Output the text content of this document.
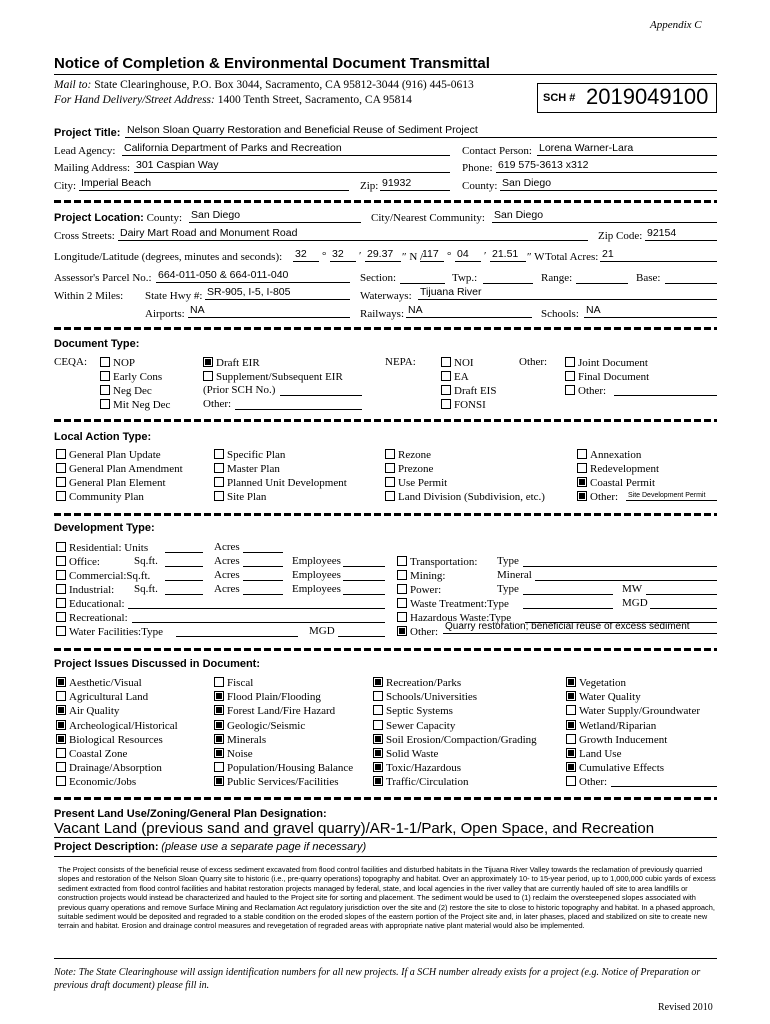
Appendix C
Notice of Completion & Environmental Document Transmittal
Mail to: State Clearinghouse, P.O. Box 3044, Sacramento, CA 95812-3044 (916) 445-0613
For Hand Delivery/Street Address: 1400 Tenth Street, Sacramento, CA 95814	SCH # 2019049100
Project Title: Nelson Sloan Quarry Restoration and Beneficial Reuse of Sediment Project
Lead Agency: California Department of Parks and Recreation	Contact Person: Lorena Warner-Lara
Mailing Address: 301 Caspian Way	Phone: 619 575-3613 x312
City: Imperial Beach	Zip: 91932	County: San Diego
Project Location: County: San Diego	City/Nearest Community: San Diego
Cross Streets: Dairy Mart Road and Monument Road	Zip Code: 92154
Longitude/Latitude (degrees, minutes and seconds): 32	° 32	′ 29.37 ″ N /
117 ° 04	′ 21.51 ″ W Total Acres: 21
Assessor's Parcel No.: 664-011-050 & 664-011-040	Section:	Twp.:	Range:	Base:
Within 2 Miles: State Hwy #: SR-905, I-5, I-805	Waterways: Tijuana River
Airports: NA	Railways: NA	Schools: NA
Document Type:
CEQA:	NOP
Early Cons
Neg Dec
Mit Neg Dec
Draft EIR
Supplement/Subsequent EIR
(Prior SCH No.)
Other:
NEPA:	NOI
EA
Draft EIS
FONSI
Other:	Joint Document
Final Document
Other:
Local Action Type:
General Plan Update
General Plan Amendment
General Plan Element
Community Plan
Specific Plan
Master Plan
Planned Unit Development
Site Plan
Rezone
Prezone
Use Permit
Land Division (Subdivision, etc.)
Annexation
Redevelopment
Coastal Permit
Other: Site Development Permit
Development Type:
Residential: Units	Acres
Office:	Sq.ft.	Acres	Employees
Commercial:Sq.ft.	Acres	Employees
Industrial: Sq.ft.	Acres	Employees
Educational:
Recreational:
Water Facilities:Type	MGD
Transportation: Type
Mining:	Mineral
Power:	Type	MW
Waste Treatment:Type	MGD
Hazardous Waste:Type
Other: Quarry restoration; beneficial reuse of excess sediment
Project Issues Discussed in Document:
Aesthetic/Visual
Agricultural Land
Air Quality
Archeological/Historical
Biological Resources
Coastal Zone
Drainage/Absorption
Economic/Jobs
Fiscal
Flood Plain/Flooding
Forest Land/Fire Hazard
Geologic/Seismic
Minerals
Noise
Population/Housing Balance
Public Services/Facilities
Recreation/Parks
Schools/Universities
Septic Systems
Sewer Capacity
Soil Erosion/Compaction/Grading
Solid Waste
Toxic/Hazardous
Traffic/Circulation
Vegetation
Water Quality
Water Supply/Groundwater
Wetland/Riparian
Growth Inducement
Land Use
Cumulative Effects
Other:
Present Land Use/Zoning/General Plan Designation:
Vacant Land (previous sand and gravel quarry)/AR-1-1/Park, Open Space, and Recreation
Project Description: (please use a separate page if necessary)
The Project consists of the beneficial reuse of excess sediment excavated from flood control facilities and disturbed habitats in the Tijuana River Valley towards the reclamation of previously quarried slopes and restoration of the Nelson Sloan Quarry site to historic (i.e., pre-quarry operations) topography and habitat. Over an approximately 10- to 15-year period, up to 1,000,000 cubic yards of excess sediment extracted from flood control facilities and habitat restoration projects managed by federal, state, and local agencies in the river valley that are currently hauled off site to area landfills or construction projects would instead be characterized and hauled to the Project site for sorting and placement. The sediment would be used to (1) reclaim the oversteepened slopes associated with previous quarry operations and remove Surface Mining and Reclamation Act regulatory jurisdiction over the site and (2) restore the site to close to historic topography and habitat. In a phased approach, suitable sediment would be deposited and regraded to a stable condition on the eroded slopes of the eastern portion of the Project site and, in later phases, placed and stabilized on site to create new terrain and habitat. Erosion and drainage control measures and revegetation of regraded areas with appropriate native plant material would also be implemented.
Note: The State Clearinghouse will assign identification numbers for all new projects. If a SCH number already exists for a project (e.g. Notice of Preparation or previous draft document) please fill in.
Revised 2010
